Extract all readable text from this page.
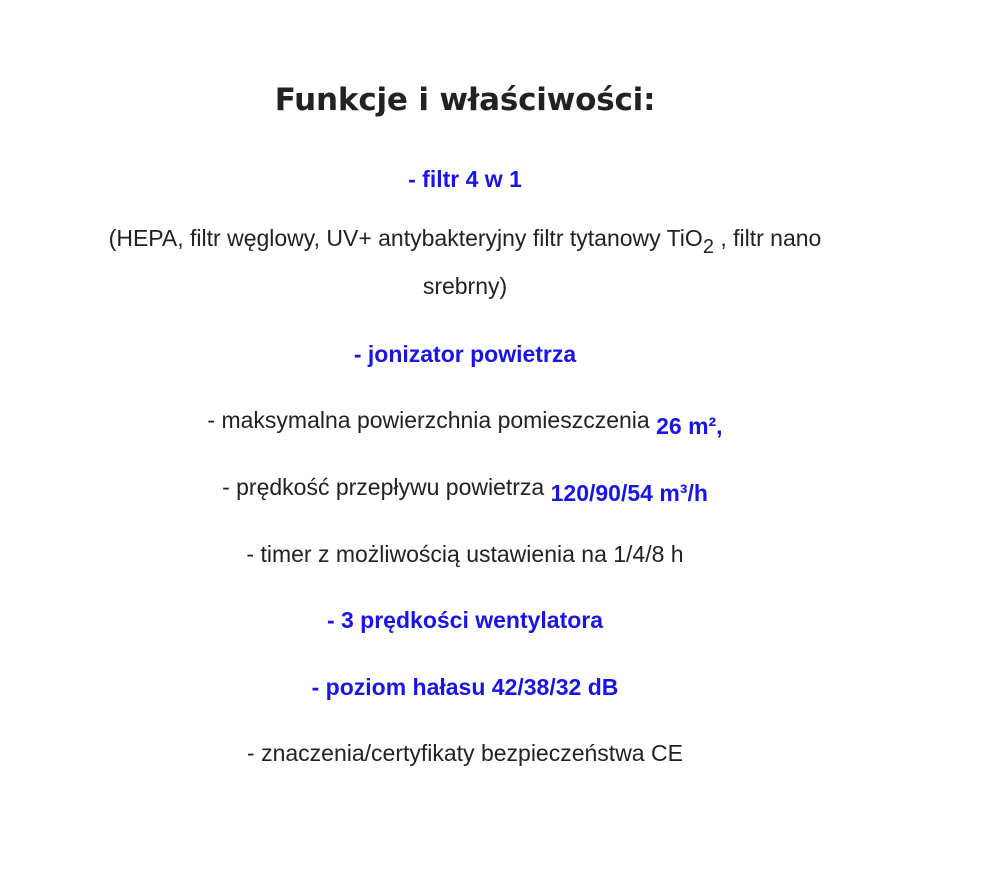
Funkcje i właściwości:
- filtr 4 w 1
(HEPA, filtr węglowy, UV+ antybakteryjny filtr tytanowy TiO2 , filtr nano
srebrny)
- jonizator powietrza
- maksymalna powierzchnia pomieszczenia 26 m²,
- prędkość przepływu powietrza 120/90/54 m³/h
- timer z możliwością ustawienia na 1/4/8 h
- 3 prędkości wentylatora
- poziom hałasu 42/38/32 dB
- znaczenia/certyfikaty bezpieczeństwa CE
